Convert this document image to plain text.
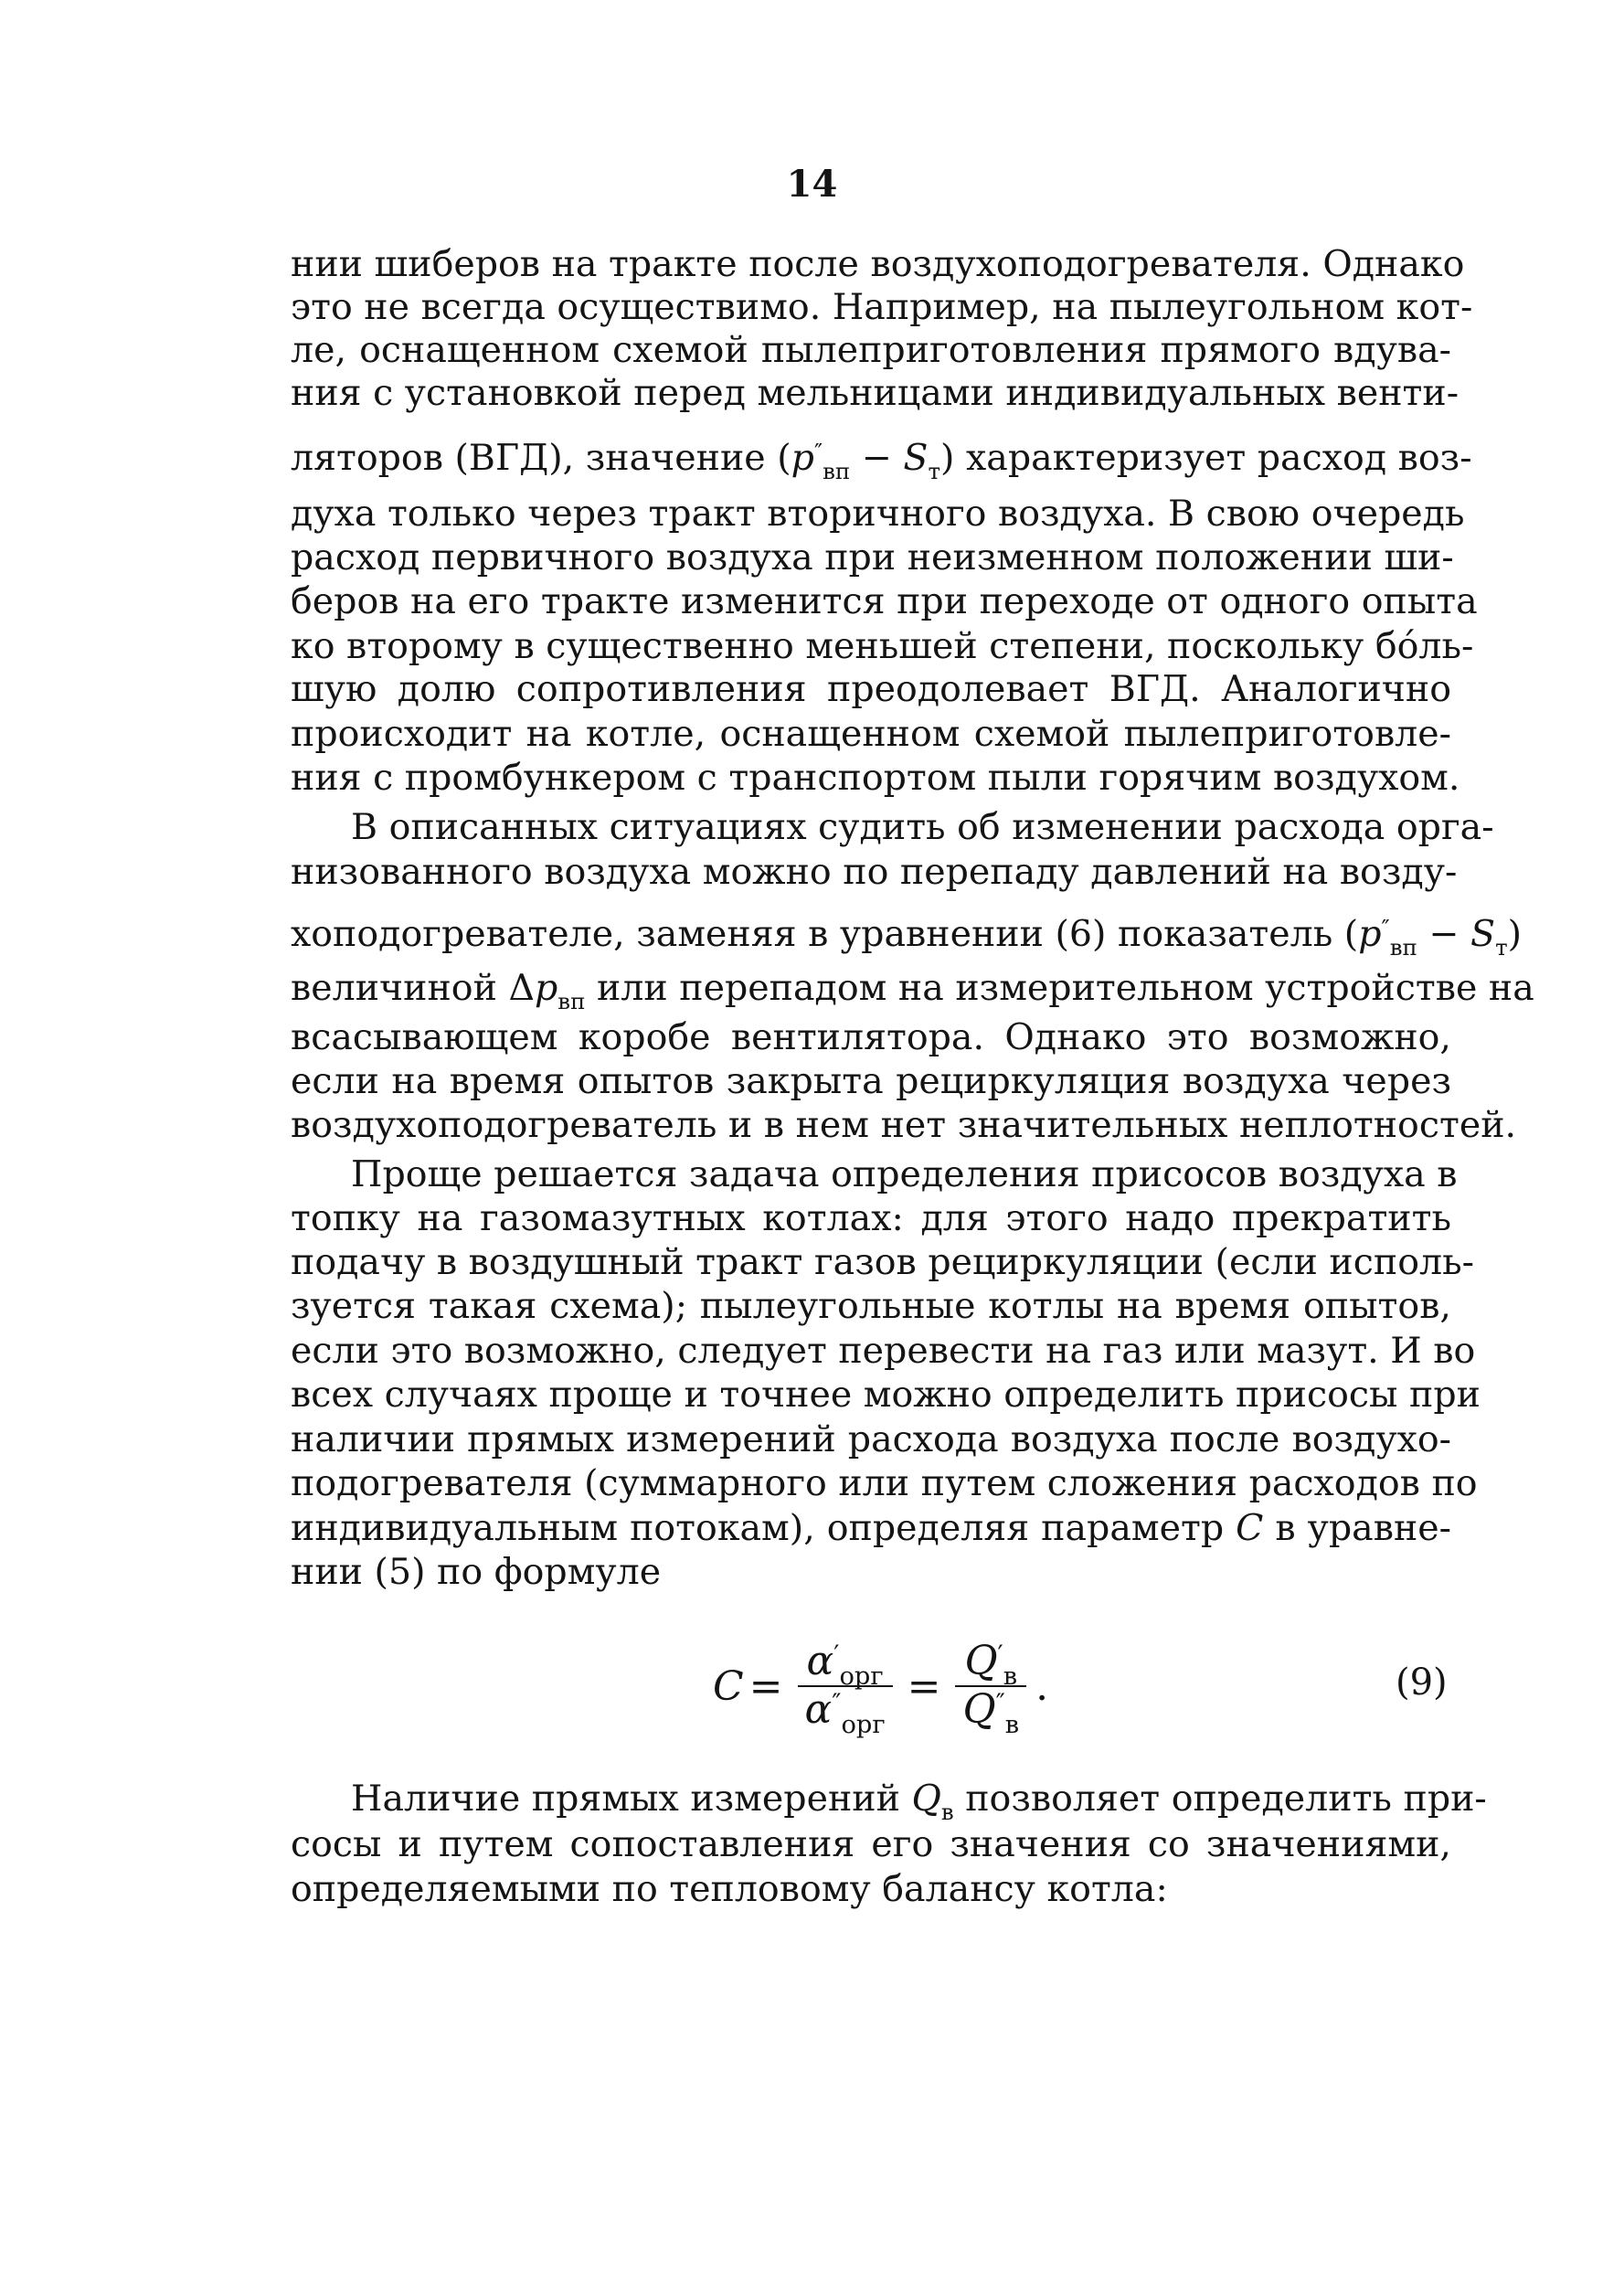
14
нии шиберов на тракте после воздухоподогревателя. Однако
это не всегда осуществимо. Например, на пылеугольном кот-
ле, оснащенном схемой пылеприготовления прямого вдува-
ния с установкой перед мельницами индивидуальных венти-
ляторов (ВГД), значение $(p''_{вп} - S_т)$ характеризует расход воз-
духа только через тракт вторичного воздуха. В свою очередь
расход первичного воздуха при неизменном положении ши-
беров на его тракте изменится при переходе от одного опыта
ко второму в существенно меньшей степени, поскольку бо́ль-
шую долю сопротивления преодолевает ВГД. Аналогично
происходит на котле, оснащенном схемой пылеприготовле-
ния с промбункером с транспортом пыли горячим воздухом.
В описанных ситуациях судить об изменении расхода орга-
низованного воздуха можно по перепаду давлений на возду-
хоподогревателе, заменяя в уравнении (6) показатель $(p''_{вп} - S_т)$
величиной $\Delta p_{вп}$ или перепадом на измерительном устройстве на
всасывающем коробе вентилятора. Однако это возможно,
если на время опытов закрыта рециркуляция воздуха через
воздухоподогреватель и в нем нет значительных неплотностей.
Проще решается задача определения присосов воздуха в
топку на газомазутных котлах: для этого надо прекратить
подачу в воздушный тракт газов рециркуляции (если исполь-
зуется такая схема); пылеугольные котлы на время опытов,
если это возможно, следует перевести на газ или мазут. И во
всех случаях проще и точнее можно определить присосы при
наличии прямых измерений расхода воздуха после воздухо-
подогревателя (суммарного или путем сложения расходов по
индивидуальным потокам), определяя параметр C в уравне-
нии (5) по формуле
$C = \frac{\alpha'_{орг}}{\alpha''_{орг}} = \frac{Q'_в}{Q''_в}$ .	(9)
Наличие прямых измерений $Q_в$ позволяет определить при-
сосы и путем сопоставления его значения со значениями,
определяемыми по тепловому балансу котла:
